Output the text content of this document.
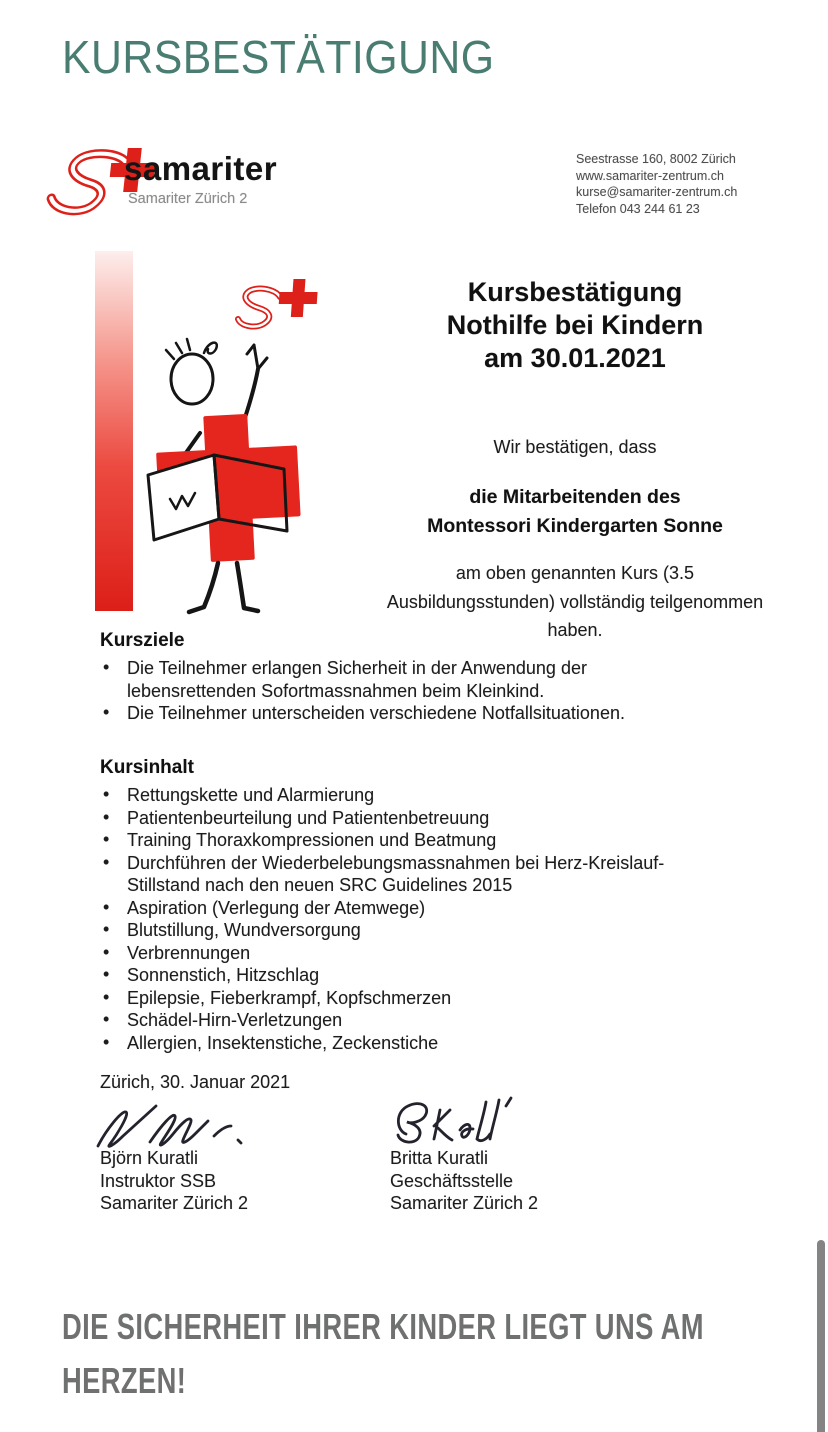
KURSBESTÄTIGUNG
samariter
Samariter Zürich 2
Seestrasse 160, 8002 Zürich
www.samariter-zentrum.ch
kurse@samariter-zentrum.ch
Telefon 043 244 61 23
Kursbestätigung
Nothilfe bei Kindern
am 30.01.2021
Wir bestätigen, dass
die Mitarbeitenden des
Montessori Kindergarten Sonne
am oben genannten Kurs (3.5
Ausbildungsstunden) vollständig teilgenommen
haben.
Kursziele
• Die Teilnehmer erlangen Sicherheit in der Anwendung der lebensrettenden Sofortmassnahmen beim Kleinkind.
• Die Teilnehmer unterscheiden verschiedene Notfallsituationen.
Kursinhalt
• Rettungskette und Alarmierung
• Patientenbeurteilung und Patientenbetreuung
• Training Thoraxkompressionen und Beatmung
• Durchführen der Wiederbelebungsmassnahmen bei Herz-Kreislauf-Stillstand nach den neuen SRC Guidelines 2015
• Aspiration (Verlegung der Atemwege)
• Blutstillung, Wundversorgung
• Verbrennungen
• Sonnenstich, Hitzschlag
• Epilepsie, Fieberkrampf, Kopfschmerzen
• Schädel-Hirn-Verletzungen
• Allergien, Insektenstiche, Zeckenstiche
Zürich, 30. Januar 2021
Björn Kuratli
Instruktor SSB
Samariter Zürich 2
Britta Kuratli
Geschäftsstelle
Samariter Zürich 2
DIE SICHERHEIT IHRER KINDER LIEGT UNS AM
HERZEN!
